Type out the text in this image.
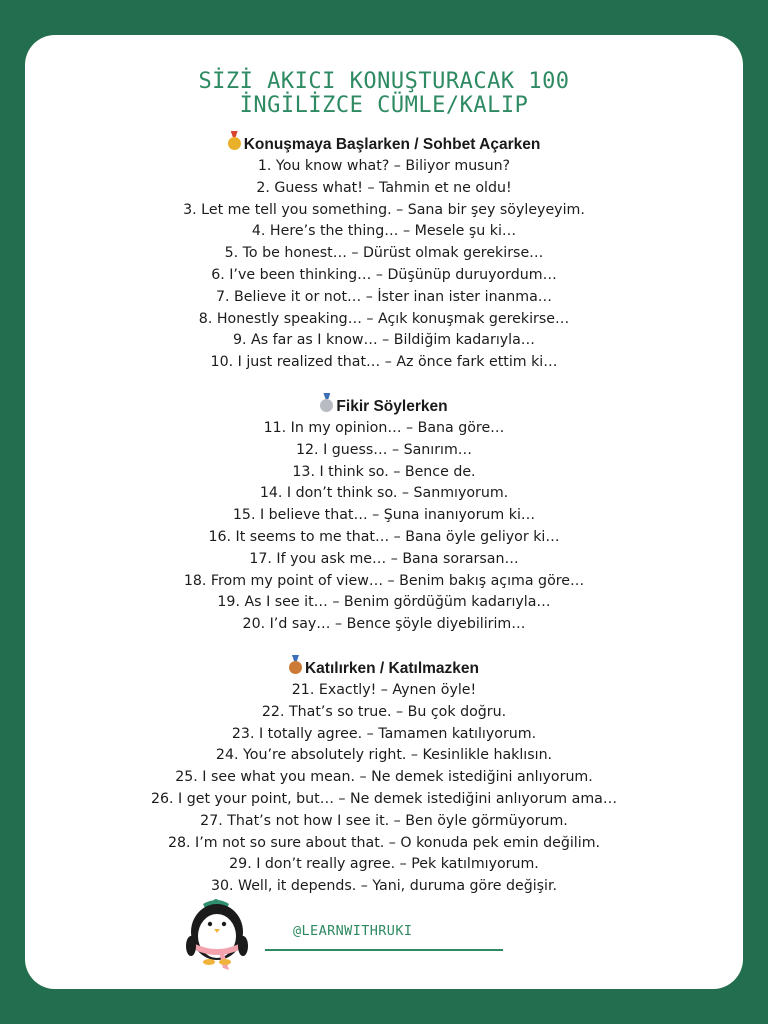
SİZİ AKICI KONUŞTURACAK 100
İNGİLİZCE CÜMLE/KALIP
Konuşmaya Başlarken / Sohbet Açarken
1. You know what? – Biliyor musun?
2. Guess what! – Tahmin et ne oldu!
3. Let me tell you something. – Sana bir şey söyleyeyim.
4. Here’s the thing… – Mesele şu ki…
5. To be honest… – Dürüst olmak gerekirse…
6. I’ve been thinking… – Düşünüp duruyordum…
7. Believe it or not… – İster inan ister inanma…
8. Honestly speaking… – Açık konuşmak gerekirse…
9. As far as I know… – Bildiğim kadarıyla…
10. I just realized that… – Az önce fark ettim ki…
Fikir Söylerken
11. In my opinion… – Bana göre…
12. I guess… – Sanırım…
13. I think so. – Bence de.
14. I don’t think so. – Sanmıyorum.
15. I believe that… – Şuna inanıyorum ki…
16. It seems to me that… – Bana öyle geliyor ki…
17. If you ask me… – Bana sorarsan…
18. From my point of view… – Benim bakış açıma göre…
19. As I see it… – Benim gördüğüm kadarıyla…
20. I’d say… – Bence şöyle diyebilirim…
Katılırken / Katılmazken
21. Exactly! – Aynen öyle!
22. That’s so true. – Bu çok doğru.
23. I totally agree. – Tamamen katılıyorum.
24. You’re absolutely right. – Kesinlikle haklısın.
25. I see what you mean. – Ne demek istediğini anlıyorum.
26. I get your point, but… – Ne demek istediğini anlıyorum ama…
27. That’s not how I see it. – Ben öyle görmüyorum.
28. I’m not so sure about that. – O konuda pek emin değilim.
29. I don’t really agree. – Pek katılmıyorum.
30. Well, it depends. – Yani, duruma göre değişir.
@LEARNWITHRUKI
